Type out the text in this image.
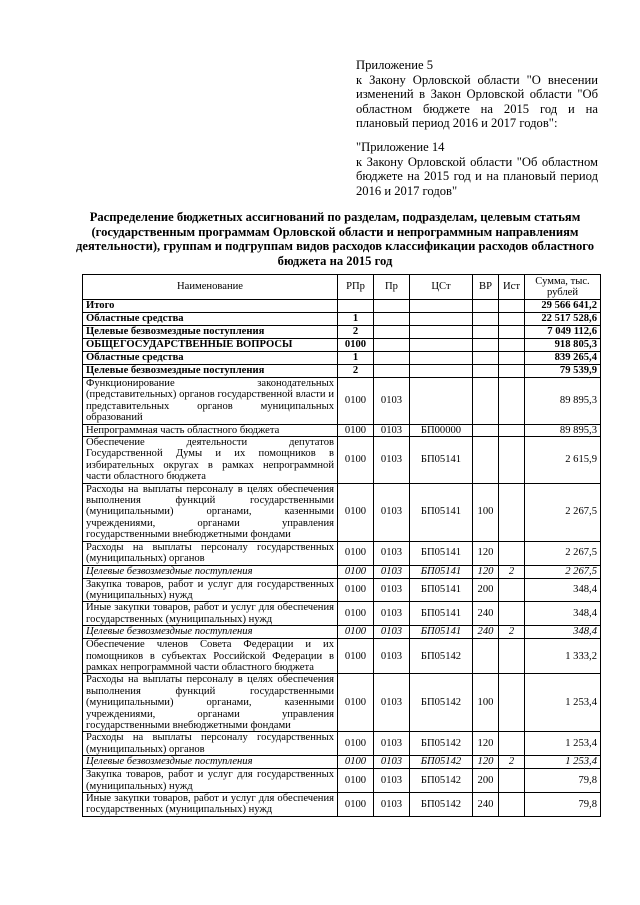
Приложение 5
к Закону Орловской области "О внесении изменений в Закон Орловской области "Об областном бюджете на 2015 год и на плановый период 2016 и 2017 годов":
"Приложение 14
к Закону Орловской области "Об областном бюджете на 2015 год и на плановый период 2016 и 2017 годов"
Распределение бюджетных ассигнований по разделам, подразделам, целевым статьям (государственным программам Орловской области и непрограммным направлениям деятельности), группам и подгруппам видов расходов классификации расходов областного бюджета на 2015 год
Наименование	РПр	Пр	ЦСт	ВР	Ист	Сумма, тыс. рублей
Итого						29 566 641,2
Областные средства	1					22 517 528,6
Целевые безвозмездные поступления	2					7 049 112,6
ОБЩЕГОСУДАРСТВЕННЫЕ ВОПРОСЫ	0100					918 805,3
Областные средства	1					839 265,4
Целевые безвозмездные поступления	2					79 539,9
Функционирование законодательных (представительных) органов государственной власти и представительных органов муниципальных образований	0100	0103				89 895,3
Непрограммная часть областного бюджета	0100	0103	БП00000			89 895,3
Обеспечение деятельности депутатов Государственной Думы и их помощников в избирательных округах в рамках непрограммной части областного бюджета	0100	0103	БП05141			2 615,9
Расходы на выплаты персоналу в целях обеспечения выполнения функций государственными (муниципальными) органами, казенными учреждениями, органами управления государственными внебюджетными фондами	0100	0103	БП05141	100		2 267,5
Расходы на выплаты персоналу государственных (муниципальных) органов	0100	0103	БП05141	120		2 267,5
Целевые безвозмездные поступления	0100	0103	БП05141	120	2	2 267,5
Закупка товаров, работ и услуг для государственных (муниципальных) нужд	0100	0103	БП05141	200		348,4
Иные закупки товаров, работ и услуг для обеспечения государственных (муниципальных) нужд	0100	0103	БП05141	240		348,4
Целевые безвозмездные поступления	0100	0103	БП05141	240	2	348,4
Обеспечение членов Совета Федерации и их помощников в субъектах Российской Федерации в рамках непрограммной части областного бюджета	0100	0103	БП05142			1 333,2
Расходы на выплаты персоналу в целях обеспечения выполнения функций государственными (муниципальными) органами, казенными учреждениями, органами управления государственными внебюджетными фондами	0100	0103	БП05142	100		1 253,4
Расходы на выплаты персоналу государственных (муниципальных) органов	0100	0103	БП05142	120		1 253,4
Целевые безвозмездные поступления	0100	0103	БП05142	120	2	1 253,4
Закупка товаров, работ и услуг для государственных (муниципальных) нужд	0100	0103	БП05142	200		79,8
Иные закупки товаров, работ и услуг для обеспечения государственных (муниципальных) нужд	0100	0103	БП05142	240		79,8
